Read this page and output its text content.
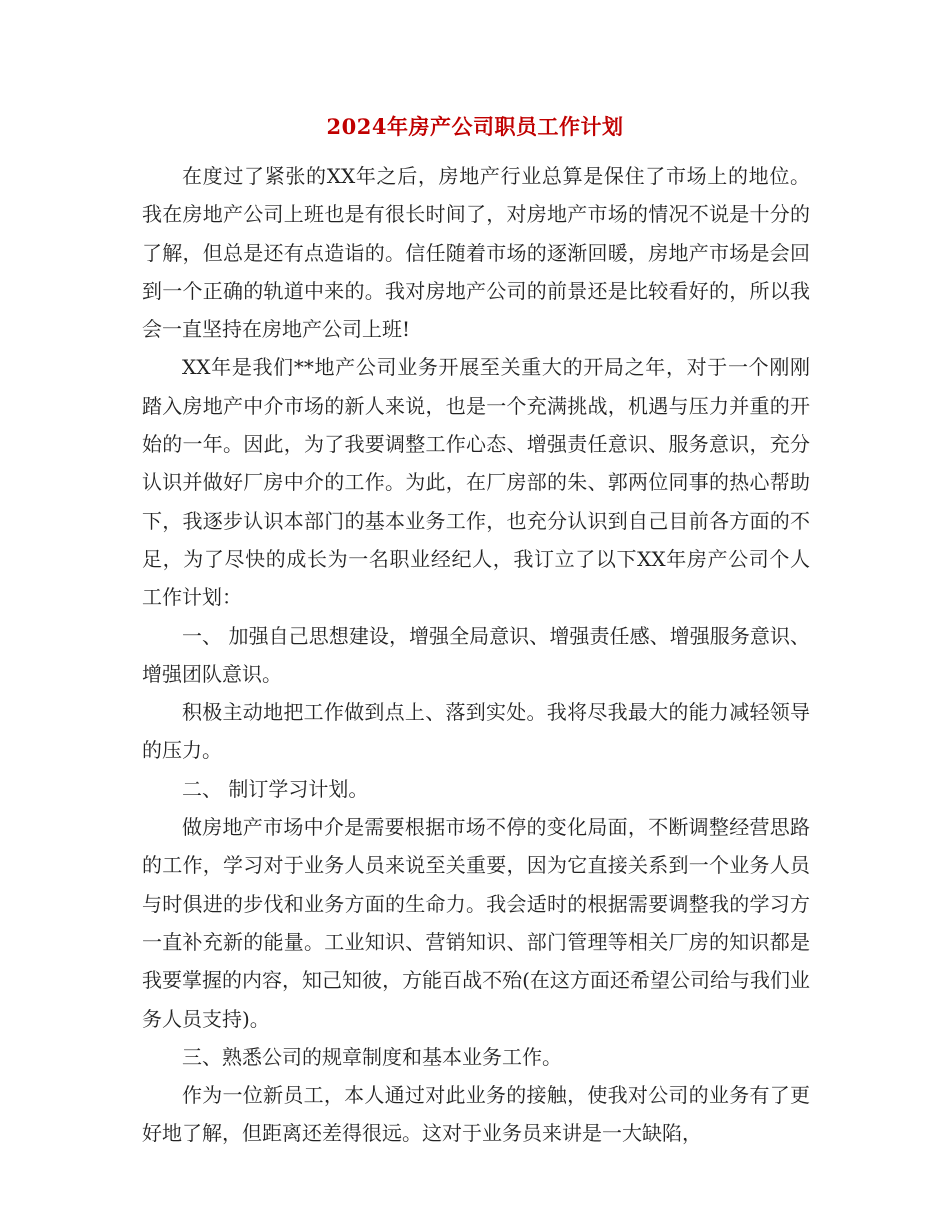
2024年房产公司职员工作计划

在度过了紧张的XX年之后，房地产行业总算是保住了市场上的地位。我在房地产公司上班也是有很长时间了，对房地产市场的情况不说是十分的了解，但总是还有点造诣的。信任随着市场的逐渐回暖，房地产市场是会回到一个正确的轨道中来的。我对房地产公司的前景还是比较看好的，所以我会一直坚持在房地产公司上班!

XX年是我们**地产公司业务开展至关重大的开局之年，对于一个刚刚踏入房地产中介市场的新人来说，也是一个充满挑战，机遇与压力并重的开始的一年。因此，为了我要调整工作心态、增强责任意识、服务意识，充分认识并做好厂房中介的工作。为此，在厂房部的朱、郭两位同事的热心帮助下，我逐步认识本部门的基本业务工作，也充分认识到自己目前各方面的不足，为了尽快的成长为一名职业经纪人，我订立了以下XX年房产公司个人工作计划：

一、 加强自己思想建设，增强全局意识、增强责任感、增强服务意识、增强团队意识。

积极主动地把工作做到点上、落到实处。我将尽我最大的能力减轻领导的压力。

二、 制订学习计划。

做房地产市场中介是需要根据市场不停的变化局面，不断调整经营思路的工作，学习对于业务人员来说至关重要，因为它直接关系到一个业务人员与时俱进的步伐和业务方面的生命力。我会适时的根据需要调整我的学习方一直补充新的能量。工业知识、营销知识、部门管理等相关厂房的知识都是我要掌握的内容，知己知彼，方能百战不殆(在这方面还希望公司给与我们业务人员支持)。

三、熟悉公司的规章制度和基本业务工作。

作为一位新员工，本人通过对此业务的接触，使我对公司的业务有了更好地了解，但距离还差得很远。这对于业务员来讲是一大缺陷，
